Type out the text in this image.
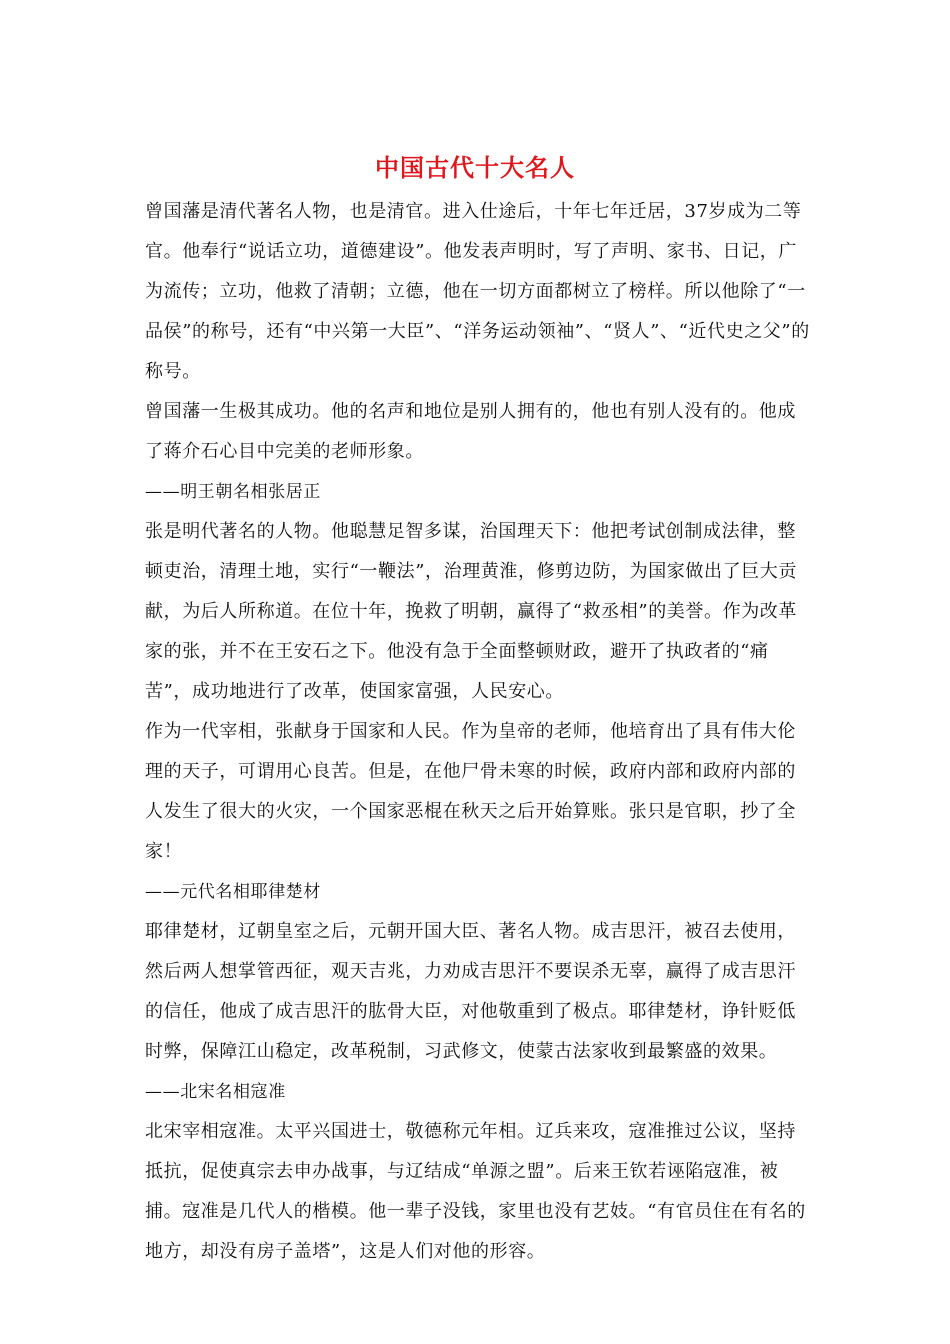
中国古代十大名人

曾国藩是清代著名人物，也是清官。进入仕途后，十年七年迁居，37岁成为二等官。他奉行“说话立功，道德建设”。他发表声明时，写了声明、家书、日记，广为流传；立功，他救了清朝；立德，他在一切方面都树立了榜样。所以他除了“一品侯”的称号，还有“中兴第一大臣”、“洋务运动领袖”、“贤人”、“近代史之父”的称号。

曾国藩一生极其成功。他的名声和地位是别人拥有的，他也有别人没有的。他成了蒋介石心目中完美的老师形象。

——明王朝名相张居正

张是明代著名的人物。他聪慧足智多谋，治国理天下：他把考试创制成法律，整顿吏治，清理土地，实行“一鞭法”，治理黄淮，修剪边防，为国家做出了巨大贡献，为后人所称道。在位十年，挽救了明朝，赢得了“救丞相”的美誉。作为改革家的张，并不在王安石之下。他没有急于全面整顿财政，避开了执政者的“痛苦”，成功地进行了改革，使国家富强，人民安心。

作为一代宰相，张献身于国家和人民。作为皇帝的老师，他培育出了具有伟大伦理的天子，可谓用心良苦。但是，在他尸骨未寒的时候，政府内部和政府内部的人发生了很大的火灾，一个国家恶棍在秋天之后开始算账。张只是官职，抄了全家！

——元代名相耶律楚材

耶律楚材，辽朝皇室之后，元朝开国大臣、著名人物。成吉思汗，被召去使用，然后两人想掌管西征，观天吉兆，力劝成吉思汗不要误杀无辜，赢得了成吉思汗的信任，他成了成吉思汗的肱骨大臣，对他敬重到了极点。耶律楚材，诤针贬低时弊，保障江山稳定，改革税制，习武修文，使蒙古法家收到最繁盛的效果。

——北宋名相寇准

北宋宰相寇准。太平兴国进士，敬德称元年相。辽兵来攻，寇准推过公议，坚持抵抗，促使真宗去申办战事，与辽结成“单源之盟”。后来王钦若诬陷寇准，被捕。寇准是几代人的楷模。他一辈子没钱，家里也没有艺妓。“有官员住在有名的地方，却没有房子盖塔”，这是人们对他的形容。
